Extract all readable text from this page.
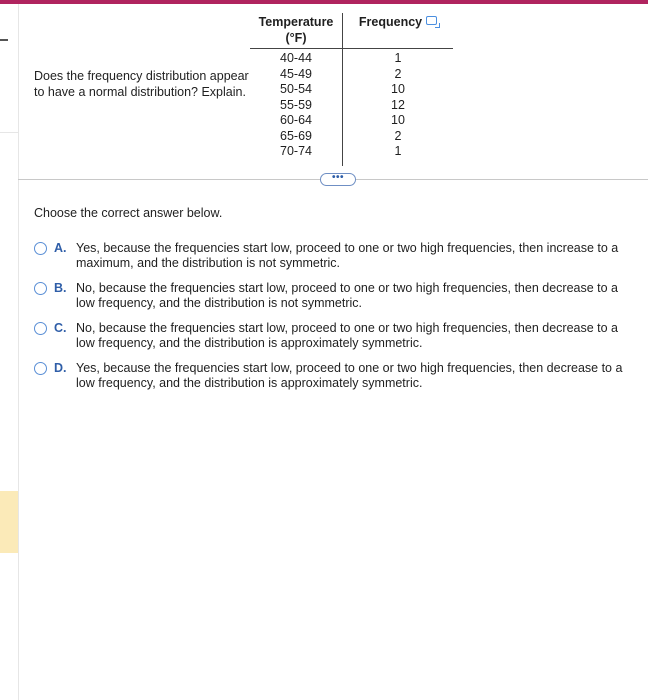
Does the frequency distribution appear to have a normal distribution? Explain.
Temperature
(°F)	Frequency
40-44	1
45-49	2
50-54	10
55-59	12
60-64	10
65-69	2
70-74	1
•••
Choose the correct answer below.
A. Yes, because the frequencies start low, proceed to one or two high frequencies, then increase to a maximum, and the distribution is not symmetric.
B. No, because the frequencies start low, proceed to one or two high frequencies, then decrease to a low frequency, and the distribution is not symmetric.
C. No, because the frequencies start low, proceed to one or two high frequencies, then decrease to a low frequency, and the distribution is approximately symmetric.
D. Yes, because the frequencies start low, proceed to one or two high frequencies, then decrease to a low frequency, and the distribution is approximately symmetric.
